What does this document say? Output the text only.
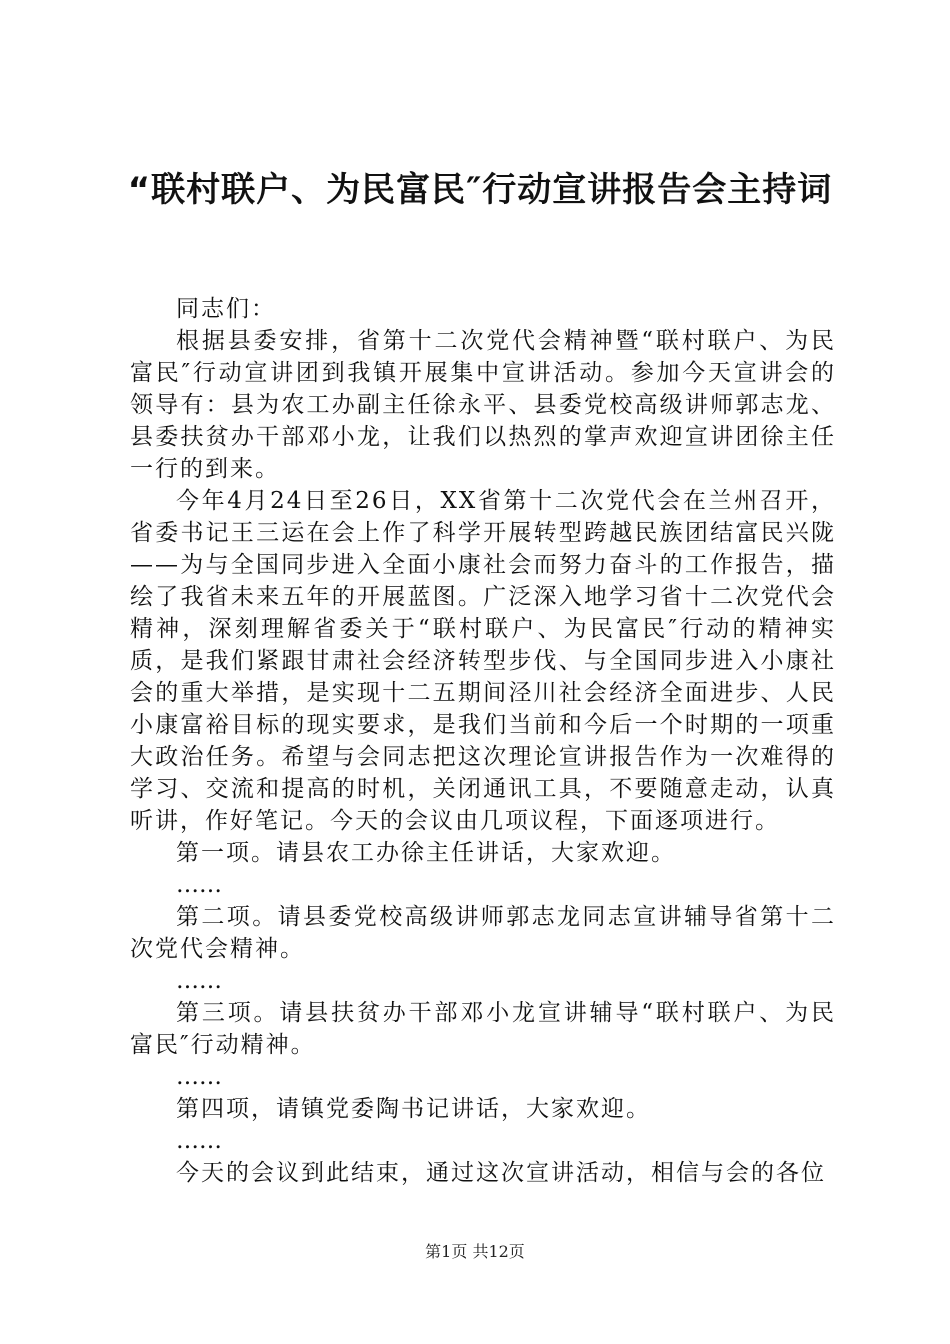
“联村联户、为民富民″行动宣讲报告会主持词

同志们：

根据县委安排，省第十二次党代会精神暨“联村联户、为民富民″行动宣讲团到我镇开展集中宣讲活动。参加今天宣讲会的领导有：县为农工办副主任徐永平、县委党校高级讲师郭志龙、县委扶贫办干部邓小龙，让我们以热烈的掌声欢迎宣讲团徐主任一行的到来。

今年4月24日至26日，XX省第十二次党代会在兰州召开，省委书记王三运在会上作了科学开展转型跨越民族团结富民兴陇——为与全国同步进入全面小康社会而努力奋斗的工作报告，描绘了我省未来五年的开展蓝图。广泛深入地学习省十二次党代会精神，深刻理解省委关于“联村联户、为民富民″行动的精神实质，是我们紧跟甘肃社会经济转型步伐、与全国同步进入小康社会的重大举措，是实现十二五期间泾川社会经济全面进步、人民小康富裕目标的现实要求，是我们当前和今后一个时期的一项重大政治任务。希望与会同志把这次理论宣讲报告作为一次难得的学习、交流和提高的时机，关闭通讯工具，不要随意走动，认真听讲，作好笔记。今天的会议由几项议程，下面逐项进行。

第一项。请县农工办徐主任讲话，大家欢迎。

……

第二项。请县委党校高级讲师郭志龙同志宣讲辅导省第十二次党代会精神。

……

第三项。请县扶贫办干部邓小龙宣讲辅导“联村联户、为民富民″行动精神。

……

第四项，请镇党委陶书记讲话，大家欢迎。

……

今天的会议到此结束，通过这次宣讲活动，相信与会的各位

第1页 共12页
